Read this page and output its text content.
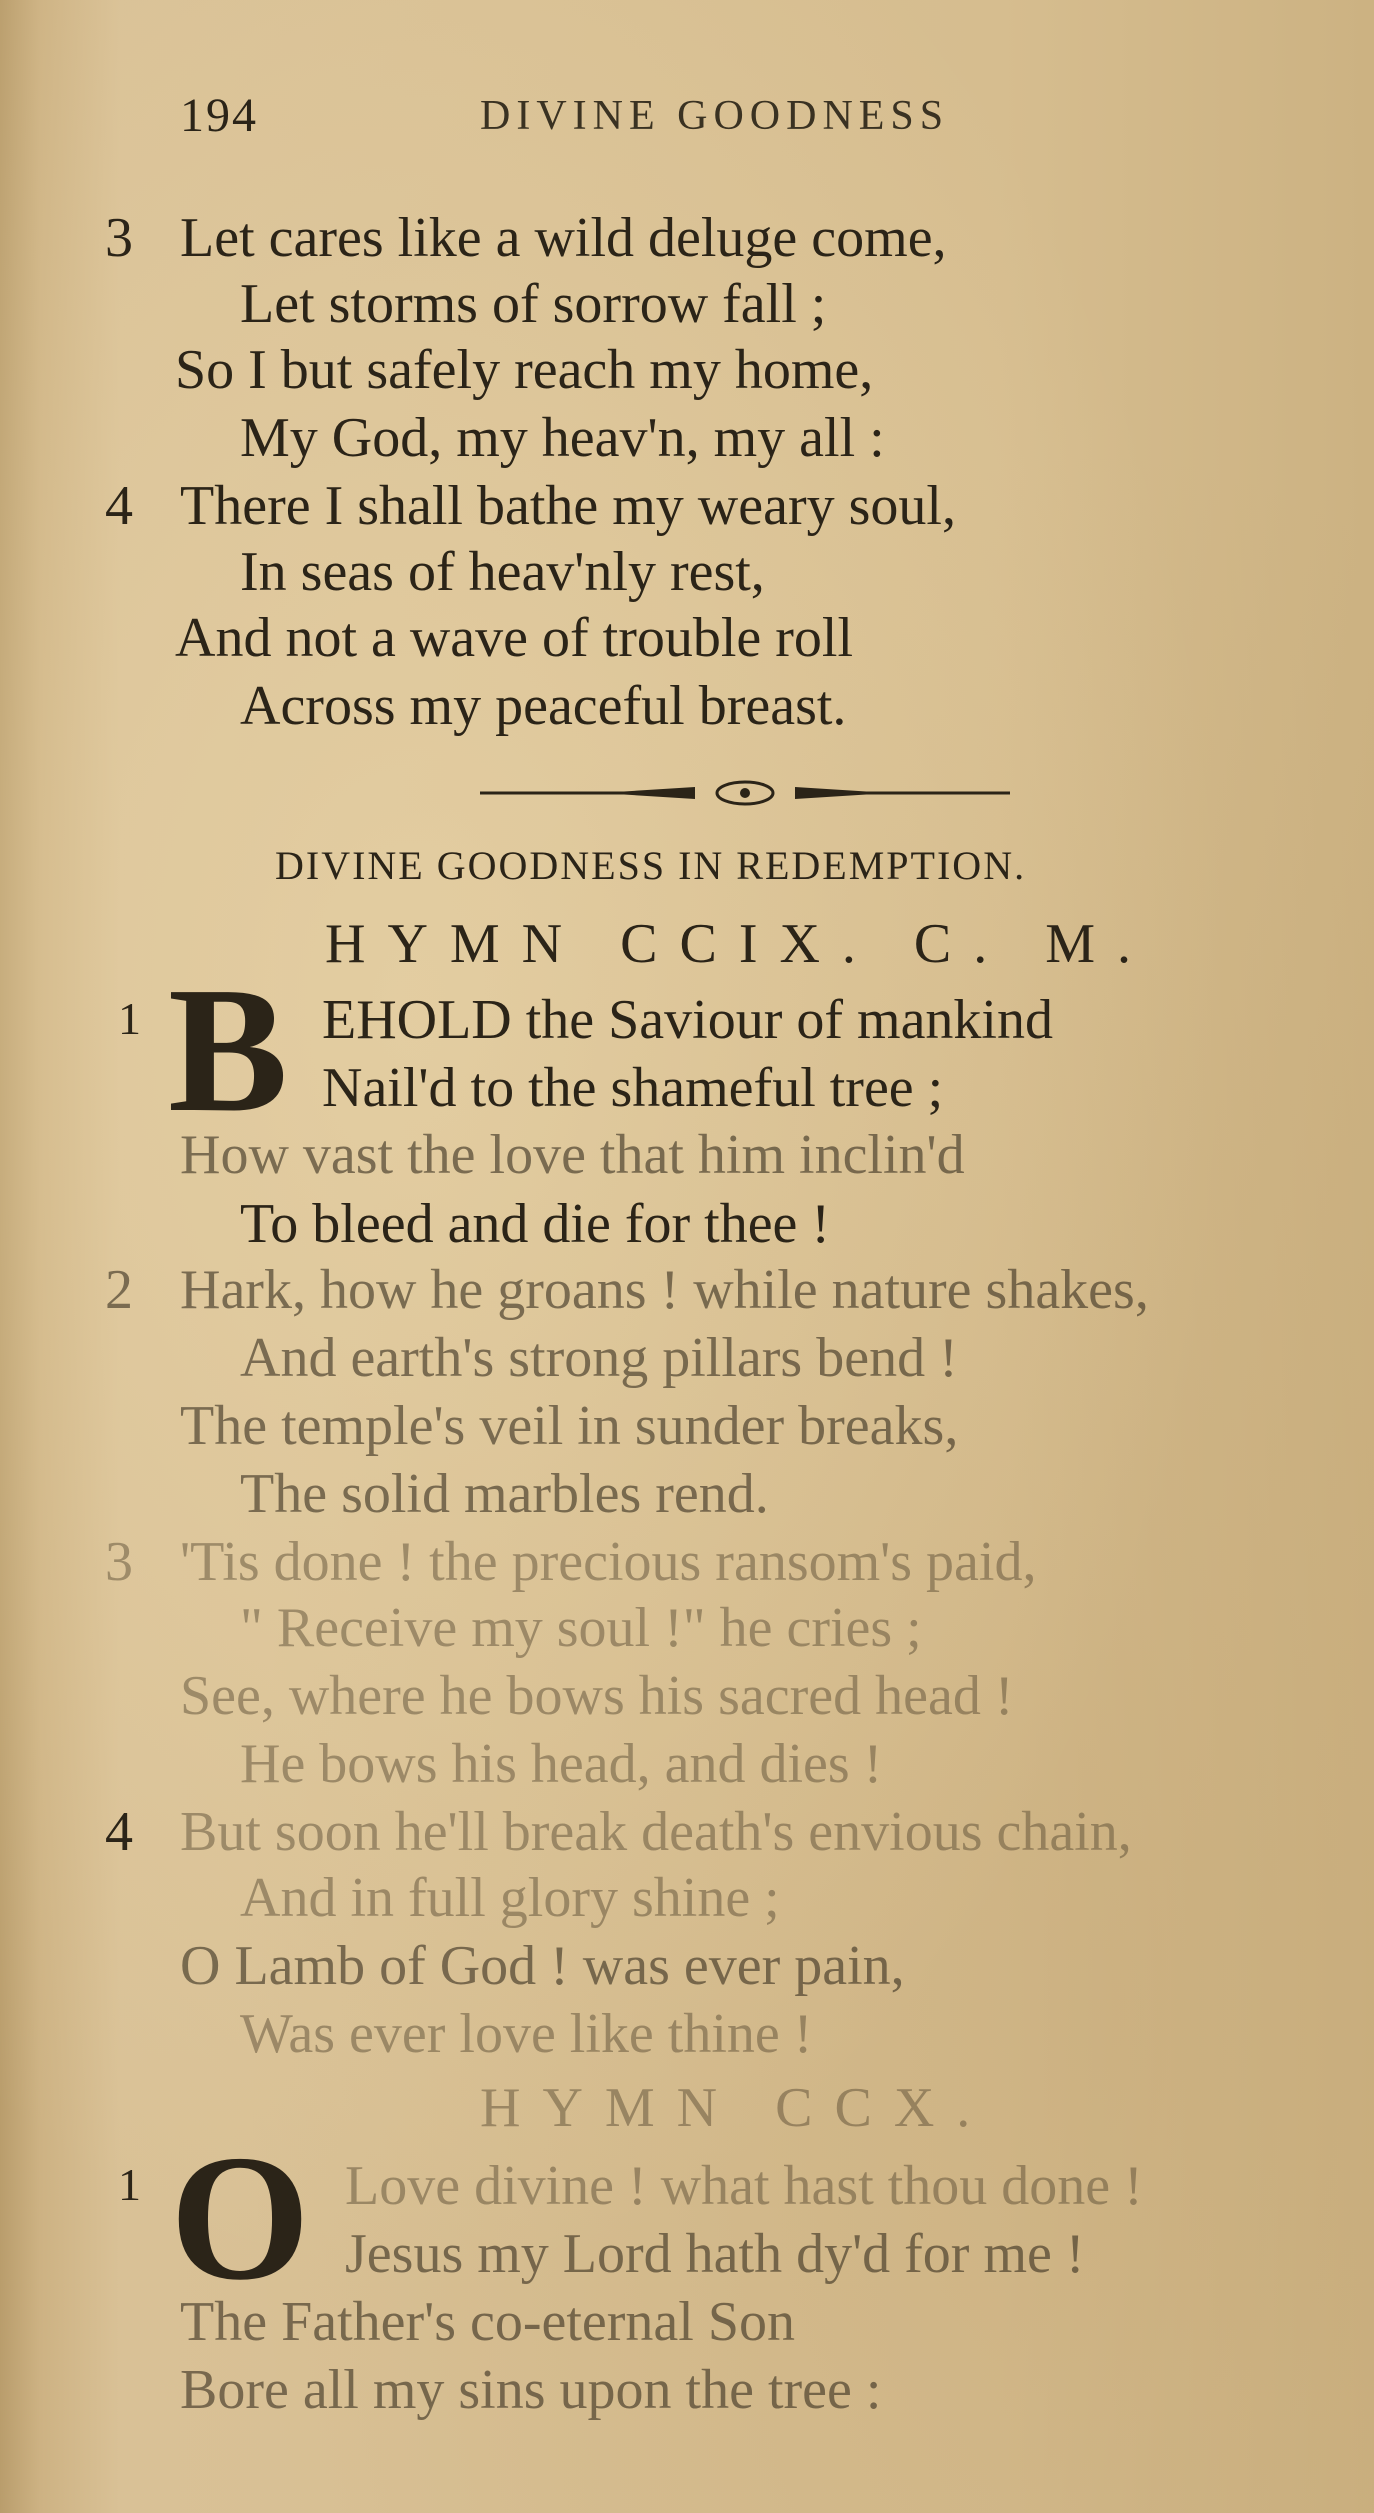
194	DIVINE GOODNESS
3 Let cares like a wild deluge come,
Let storms of sorrow fall ;
So I but safely reach my home,
My God, my heav'n, my all :
4 There I shall bathe my weary soul,
In seas of heav'nly rest,
And not a wave of trouble roll
Across my peaceful breast.
DIVINE GOODNESS IN REDEMPTION.
HYMN CCIX. C. M.
1 B EHOLD the Saviour of mankind
Nail'd to the shameful tree ;
How vast the love that him inclin'd
To bleed and die for thee !
2 Hark, how he groans ! while nature shakes,
And earth's strong pillars bend !
The temple's veil in sunder breaks,
The solid marbles rend.
3 'Tis done ! the precious ransom's paid,
" Receive my soul !" he cries ;
See, where he bows his sacred head !
He bows his head, and dies !
4 But soon he'll break death's envious chain,
And in full glory shine ;
O Lamb of God ! was ever pain,
Was ever love like thine !
HYMN CCX.
1 O Love divine ! what hast thou done !
Jesus my Lord hath dy'd for me !
The Father's co-eternal Son
Bore all my sins upon the tree :
